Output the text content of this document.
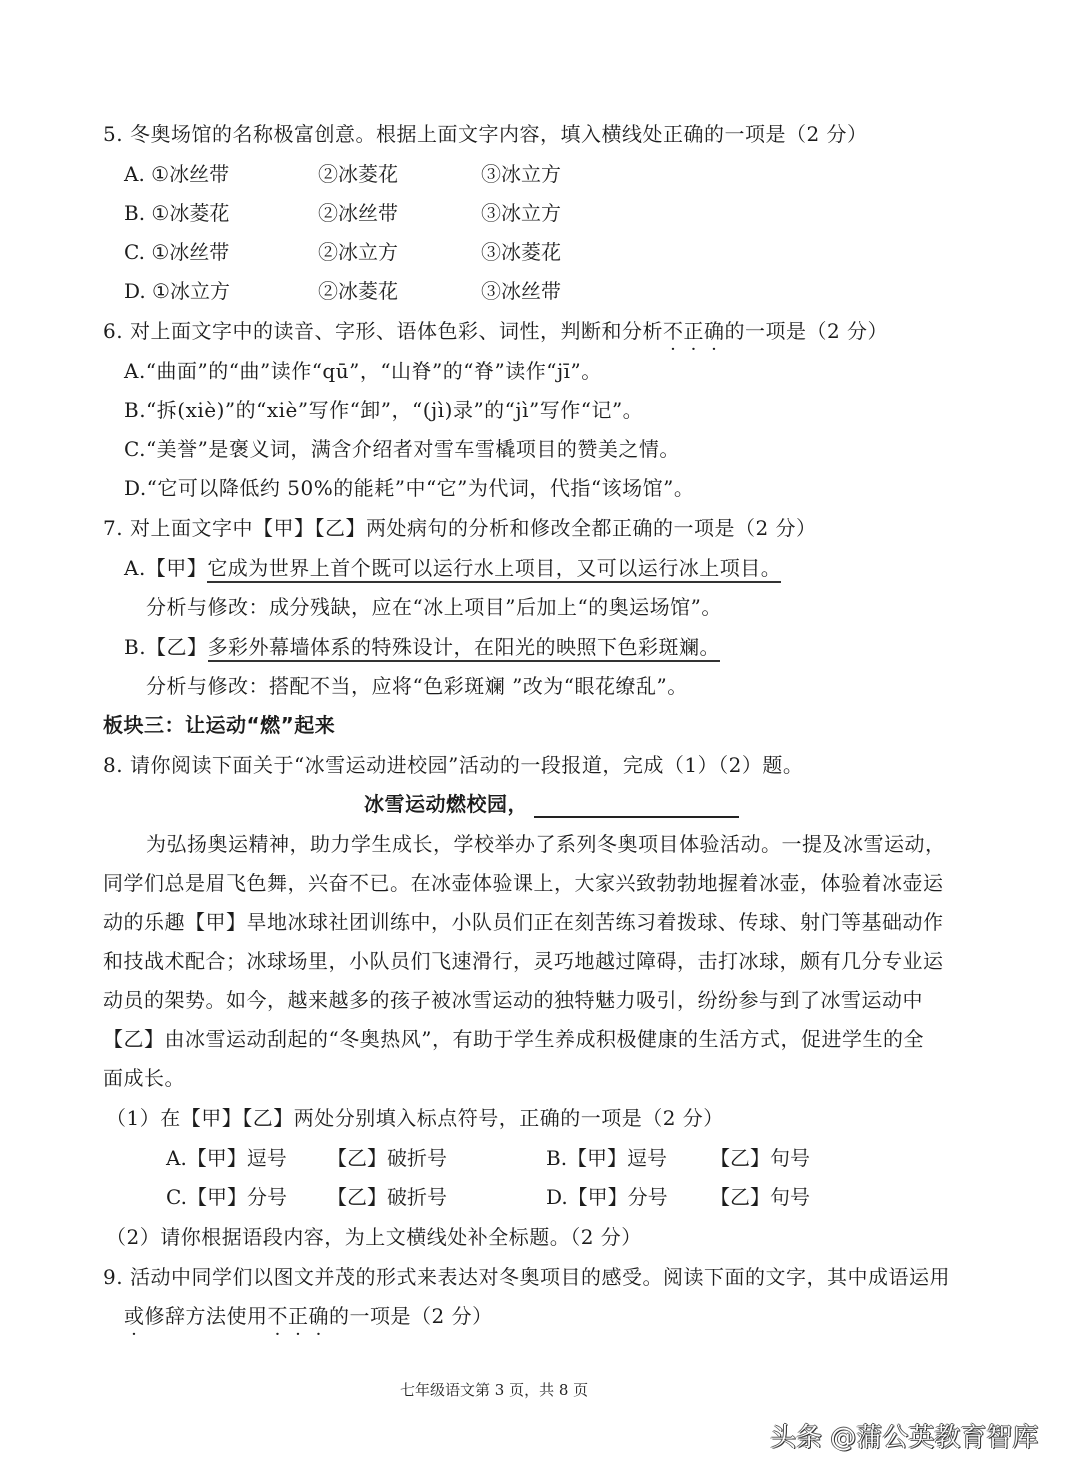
5. 冬奥场馆的名称极富创意。根据上面文字内容，填入横线处正确的一项是（2 分）
A. ①冰丝带	②冰菱花	③冰立方
B. ①冰菱花	②冰丝带	③冰立方
C. ①冰丝带	②冰立方	③冰菱花
D. ①冰立方	②冰菱花	③冰丝带
6. 对上面文字中的读音、字形、语体色彩、词性，判断和分析不正确的一项是（2 分）
A.“曲面”的“曲”读作“qū”，“山脊”的“脊”读作“jī”。
B.“拆(xiè)”的“xiè”写作“卸”，“(jì)录”的“jì”写作“记”。
C.“美誉”是褒义词，满含介绍者对雪车雪橇项目的赞美之情。
D.“它可以降低约 50%的能耗”中“它”为代词，代指“该场馆”。
7. 对上面文字中【甲】【乙】两处病句的分析和修改全都正确的一项是（2 分）
A.【甲】它成为世界上首个既可以运行水上项目，又可以运行冰上项目。
分析与修改：成分残缺，应在“冰上项目”后加上“的奥运场馆”。
B.【乙】多彩外幕墙体系的特殊设计，在阳光的映照下色彩斑斓。
分析与修改：搭配不当，应将“色彩斑斓 ”改为“眼花缭乱”。
板块三：让运动“燃”起来
8. 请你阅读下面关于“冰雪运动进校园”活动的一段报道，完成（1）（2）题。
冰雪运动燃校园，
为弘扬奥运精神，助力学生成长，学校举办了系列冬奥项目体验活动。一提及冰雪运动，
同学们总是眉飞色舞，兴奋不已。在冰壶体验课上，大家兴致勃勃地握着冰壶，体验着冰壶运
动的乐趣【甲】旱地冰球社团训练中，小队员们正在刻苦练习着拨球、传球、射门等基础动作
和技战术配合；冰球场里，小队员们飞速滑行，灵巧地越过障碍，击打冰球，颇有几分专业运
动员的架势。如今，越来越多的孩子被冰雪运动的独特魅力吸引，纷纷参与到了冰雪运动中
【乙】由冰雪运动刮起的“冬奥热风”，有助于学生养成积极健康的生活方式，促进学生的全
面成长。
（1）在【甲】【乙】两处分别填入标点符号，正确的一项是（2 分）
A.【甲】逗号 【乙】破折号	B.【甲】逗号 【乙】句号
C.【甲】分号 【乙】破折号	D.【甲】分号 【乙】句号
（2）请你根据语段内容，为上文横线处补全标题。（2 分）
9. 活动中同学们以图文并茂的形式来表达对冬奥项目的感受。阅读下面的文字，其中成语运用
或修辞方法使用不正确的一项是（2 分）
七年级语文第 3 页，共 8 页
头条 @蒲公英教育智库
